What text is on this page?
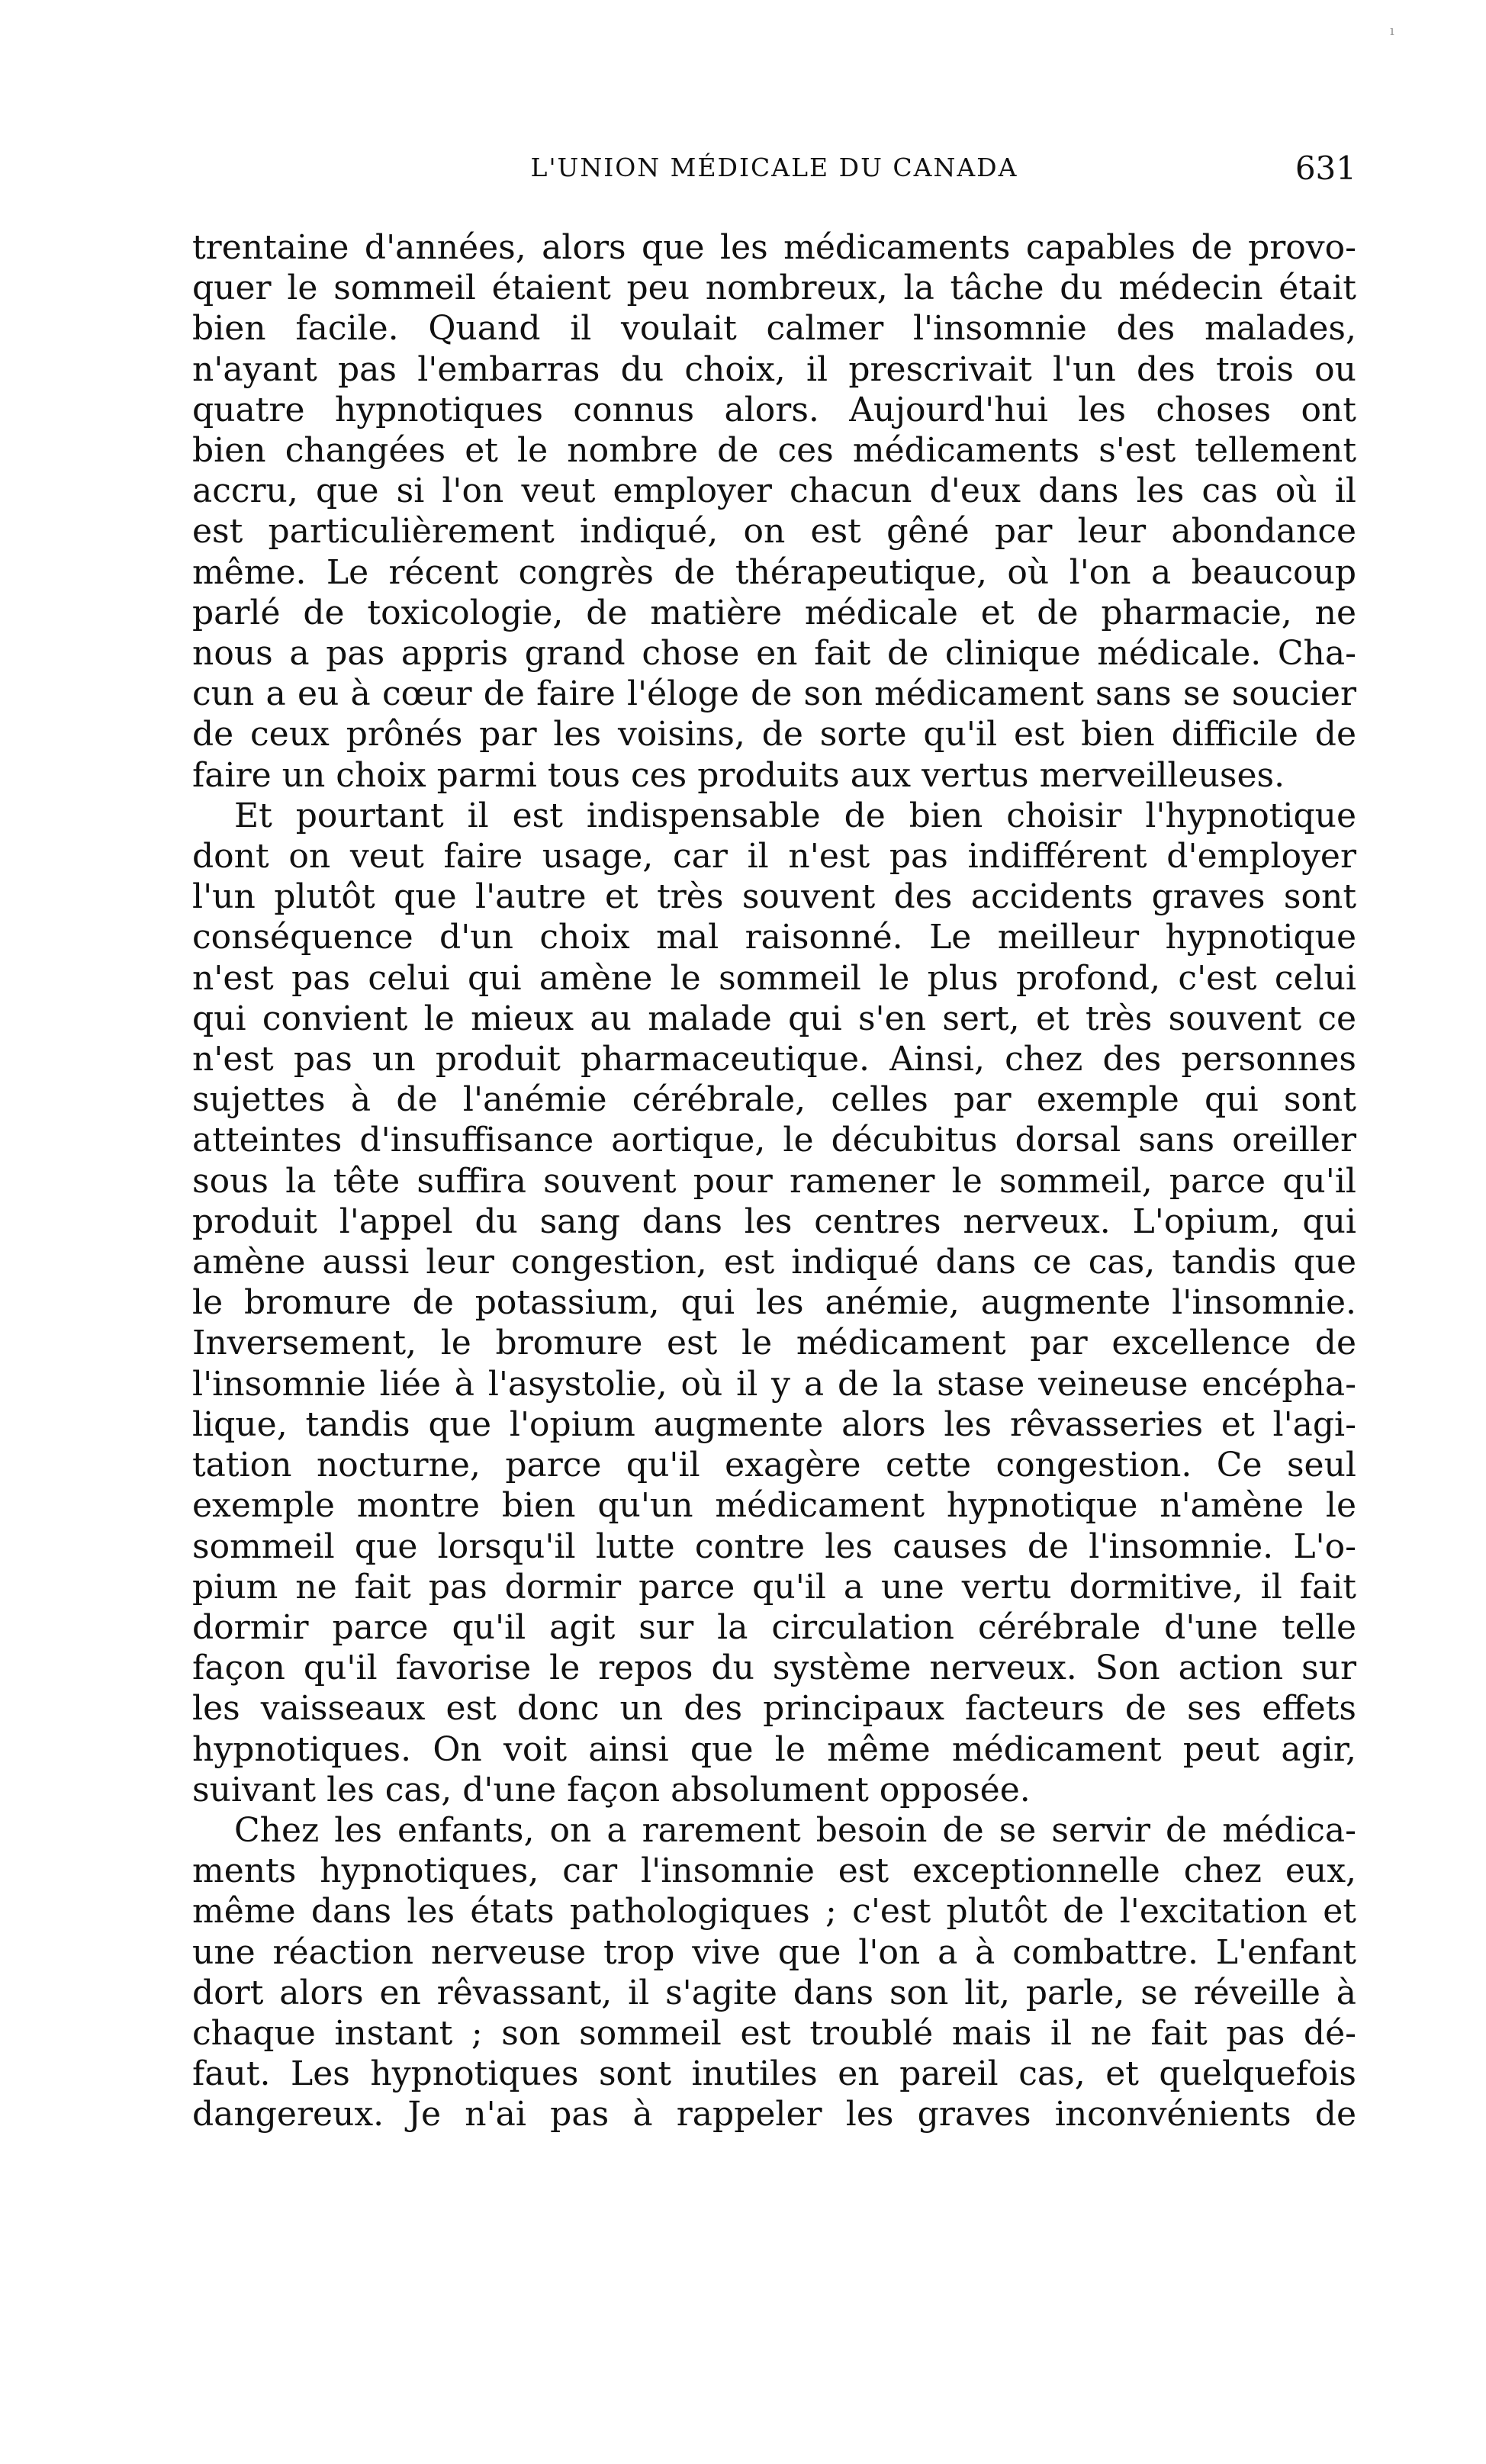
ı
L'UNION MÉDICALE DU CANADA	631

trentaine d'années, alors que les médicaments capables de provo-
quer le sommeil étaient peu nombreux, la tâche du médecin était
bien facile. Quand il voulait calmer l'insomnie des malades,
n'ayant pas l'embarras du choix, il prescrivait l'un des trois ou
quatre hypnotiques connus alors. Aujourd'hui les choses ont
bien changées et le nombre de ces médicaments s'est tellement
accru, que si l'on veut employer chacun d'eux dans les cas où il
est particulièrement indiqué, on est gêné par leur abondance
même. Le récent congrès de thérapeutique, où l'on a beaucoup
parlé de toxicologie, de matière médicale et de pharmacie, ne
nous a pas appris grand chose en fait de clinique médicale. Cha-
cun a eu à cœur de faire l'éloge de son médicament sans se soucier
de ceux prônés par les voisins, de sorte qu'il est bien difficile de
faire un choix parmi tous ces produits aux vertus merveilleuses.

Et pourtant il est indispensable de bien choisir l'hypnotique
dont on veut faire usage, car il n'est pas indifférent d'employer
l'un plutôt que l'autre et très souvent des accidents graves sont
conséquence d'un choix mal raisonné. Le meilleur hypnotique
n'est pas celui qui amène le sommeil le plus profond, c'est celui
qui convient le mieux au malade qui s'en sert, et très souvent ce
n'est pas un produit pharmaceutique. Ainsi, chez des personnes
sujettes à de l'anémie cérébrale, celles par exemple qui sont
atteintes d'insuffisance aortique, le décubitus dorsal sans oreiller
sous la tête suffira souvent pour ramener le sommeil, parce qu'il
produit l'appel du sang dans les centres nerveux. L'opium, qui
amène aussi leur congestion, est indiqué dans ce cas, tandis que
le bromure de potassium, qui les anémie, augmente l'insomnie.
Inversement, le bromure est le médicament par excellence de
l'insomnie liée à l'asystolie, où il y a de la stase veineuse encépha-
lique, tandis que l'opium augmente alors les rêvasseries et l'agi-
tation nocturne, parce qu'il exagère cette congestion. Ce seul
exemple montre bien qu'un médicament hypnotique n'amène le
sommeil que lorsqu'il lutte contre les causes de l'insomnie. L'o-
pium ne fait pas dormir parce qu'il a une vertu dormitive, il fait
dormir parce qu'il agit sur la circulation cérébrale d'une telle
façon qu'il favorise le repos du système nerveux. Son action sur
les vaisseaux est donc un des principaux facteurs de ses effets
hypnotiques. On voit ainsi que le même médicament peut agir,
suivant les cas, d'une façon absolument opposée.

Chez les enfants, on a rarement besoin de se servir de médica-
ments hypnotiques, car l'insomnie est exceptionnelle chez eux,
même dans les états pathologiques ; c'est plutôt de l'excitation et
une réaction nerveuse trop vive que l'on a à combattre. L'enfant
dort alors en rêvassant, il s'agite dans son lit, parle, se réveille à
chaque instant ; son sommeil est troublé mais il ne fait pas dé-
faut. Les hypnotiques sont inutiles en pareil cas, et quelquefois
dangereux. Je n'ai pas à rappeler les graves inconvénients de
